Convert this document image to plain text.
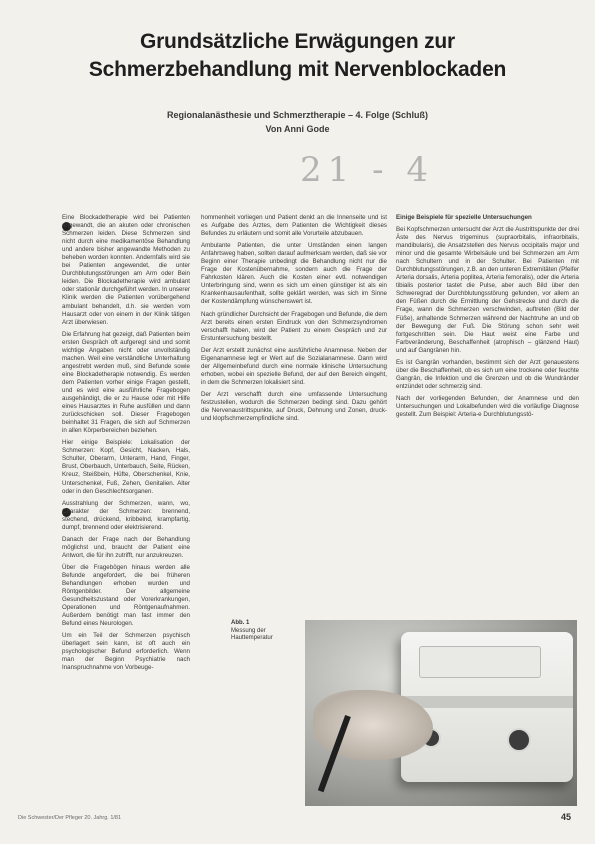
Grundsätzliche Erwägungen zur
Schmerzbehandlung mit Nervenblockaden
Regionalanästhesie und Schmerztherapie – 4. Folge (Schluß)
Von Anni Gode
21 - 4

Eine Blockadetherapie wird bei Patienten angewandt, die an akuten oder chronischen Schmerzen leiden. Diese Schmerzen sind nicht durch eine medikamentöse Behandlung und andere bisher angewandte Methoden zu beheben worden konnten. Andernfalls wird sie bei Patienten angewendet, die unter Durchblutungsstörungen am Arm oder Bein leiden. Die Blockadetherapie wird ambulant oder stationär durchgeführt werden. In unserer Klinik werden die Patienten vorübergehend ambulant behandelt, d.h. sie werden vom Hausarzt oder von einem in der Klinik tätigen Arzt überwiesen.

Die Erfahrung hat gezeigt, daß Patienten beim ersten Gespräch oft aufgeregt sind und somit wichtige Angaben nicht oder unvollständig machen. Weil eine verständliche Unterhaltung angestrebt werden muß, sind Befunde sowie eine Blockadetherapie notwendig. Es werden dem Patienten vorher einige Fragen gestellt, und es wird eine ausführliche Fragebogen ausgehändigt, die er zu Hause oder mit Hilfe eines Hausarztes in Ruhe ausfüllen und dann zurückschicken soll. Dieser Fragebogen beinhaltet 31 Fragen, die sich auf Schmerzen in allen Körperbereichen beziehen.

Hier einige Beispiele: Lokalisation der Schmerzen: Kopf, Gesicht, Nacken, Hals, Schulter, Oberarm, Unterarm, Hand, Finger, Brust, Oberbauch, Unterbauch, Seite, Rücken, Kreuz, Steißbein, Hüfte, Oberschenkel, Knie, Unterschenkel, Fuß, Zehen, Genitalien. Alter oder in den Geschlechtsorganen.

Ausstrahlung der Schmerzen, wann, wo, Charakter der Schmerzen: brennend, stechend, drückend, kribbelnd, krampfartig, dumpf, brennend oder elektrisierend.

Danach der Frage nach der Behandlung möglichst und, braucht der Patient eine Antwort, die für ihn zutrifft, nur anzukreuzen.

Über die Fragebögen hinaus werden alle Befunde angefordert, die bei früheren Behandlungen erhoben wurden und Röntgenbilder. Der allgemeine Gesundheitszustand oder Vorerkrankungen, Operationen und Röntgenaufnahmen. Außerdem benötigt man fast immer den Befund eines Neurologen.

Um ein Teil der Schmerzen psychisch überlagert sein kann, ist oft auch ein psychologischer Befund erforderlich. Wenn man der Beginn Psychiatrie nach Inanspruchnahme von Vorbeuge-

hommenheit vorliegen und Patient denkt an die Innenseite und ist es Aufgabe des Arztes, dem Patienten die Wichtigkeit dieses Befundes zu erläutern und somit alle Vorurteile abzubauen.

Ambulante Patienten, die unter Umständen einen langen Anfahrtsweg haben, sollten darauf aufmerksam werden, daß sie vor Beginn einer Therapie unbedingt die Behandlung nicht nur die Frage der Kostenübernahme, sondern auch die Frage der Fahrkosten klären. Auch die Kosten einer evtl. notwendigen Unterbringung sind, wenn es sich um einen günstiger ist als ein Krankenhausaufenthalt, sollte geklärt werden, was sich im Sinne der Kostendämpfung wünschenswert ist.

Nach gründlicher Durchsicht der Fragebogen und Befunde, die dem Arzt bereits einen ersten Eindruck von den Schmerzsyndromen verschafft haben, wird der Patient zu einem Gespräch und zur Erstuntersuchung bestellt.

Der Arzt erstellt zunächst eine ausführliche Anamnese. Neben der Eigenanamnese legt er Wert auf die Sozialanamnese. Dann wird der Allgemeinbefund durch eine normale klinische Untersuchung erhoben, wobei ein spezielle Befund, der auf den Bereich eingeht, in dem die Schmerzen lokalisiert sind.

Der Arzt verschafft durch eine umfassende Untersuchung festzustellen, wodurch die Schmerzen bedingt sind. Dazu gehört die Nervenaustrittspunkte, auf Druck, Dehnung und Zonen, druck- und klopfschmerzempfindliche sind.

Einige Beispiele für spezielle Untersuchungen

Bei Kopfschmerzen untersucht der Arzt die Austrittspunkte der drei Äste des Nervus trigeminus (supraorbitalis, infraorbitalis, mandibularis), die Ansatzstellen des Nervus occipitalis major und minor und die gesamte Wirbelsäule und bei Schmerzen am Arm nach Schultern und in der Schulter. Bei Patienten mit Durchblutungsstörungen, z.B. an den unteren Extremitäten (Pfeifer Arteria dorsalis, Arteria poplitea, Arteria femoralis), oder die Arteria tibialis posterior tastet die Pulse, aber auch Bild über den Schweregrad der Durchblutungsstörung gefunden, vor allem an den Füßen durch die Ermittlung der Gehstrecke und durch die Frage, wann die Schmerzen verschwinden, auftreten (Bild der Füße), anhaltende Schmerzen während der Nachtruhe an und ob der Bewegung der Fuß. Die Störung schon sehr weit fortgeschritten sein. Die Haut weist eine Farbe und Farbveränderung, Beschaffenheit (atrophisch – glänzend Haut) und auf Gangränen hin.

Es ist Gangrän vorhanden, bestimmt sich der Arzt genauestens über die Beschaffenheit, ob es sich um eine trockene oder feuchte Gangrän, die Infektion und die Grenzen und ob die Wundränder entzündet oder schmerzig sind.

Nach der vorliegenden Befunden, der Anamnese und den Untersuchungen und Lokalbefunden wird die vorläufige Diagnose gestellt. Zum Beispiel: Arteria-e Durchblutungsstö-

Abb. 1
Messung der Hauttemperatur
Die Schwester/Der Pfleger 20. Jahrg. 1/81	45
